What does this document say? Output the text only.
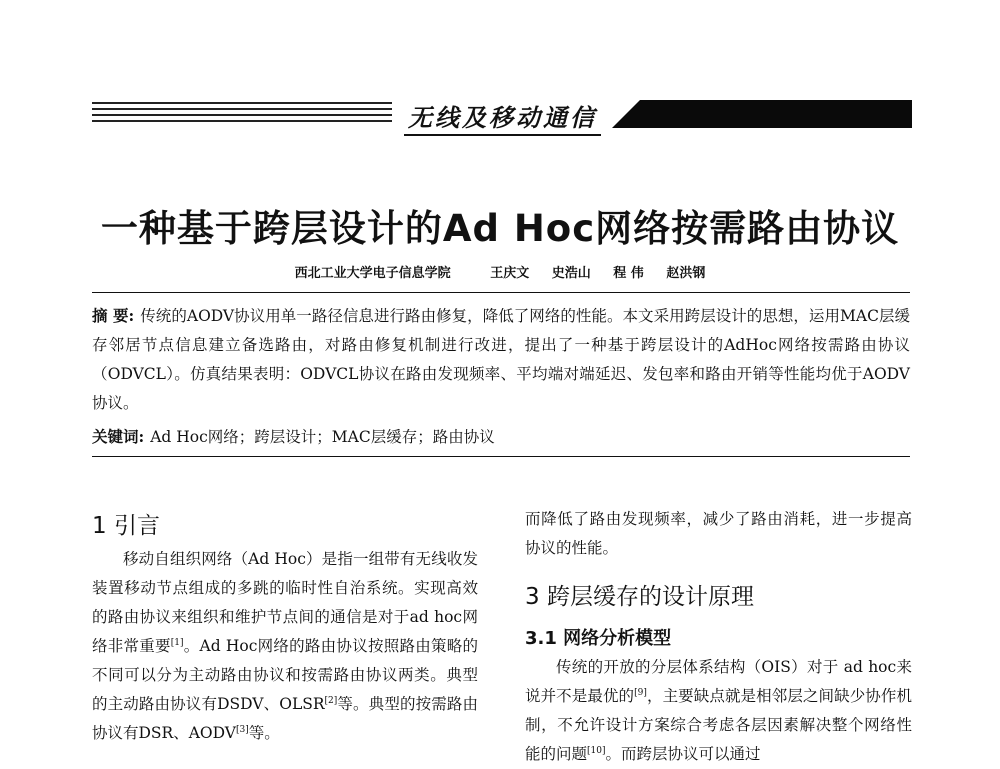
无线及移动通信
一种基于跨层设计的Ad Hoc网络按需路由协议
西北工业大学电子信息学院	王庆文 史浩山 程 伟 赵洪钢
摘 要: 传统的AODV协议用单一路径信息进行路由修复，降低了网络的性能。本文采用跨层设计的思想，运用MAC层缓存邻居节点信息建立备选路由，对路由修复机制进行改进，提出了一种基于跨层设计的AdHoc网络按需路由协议（ODVCL）。仿真结果表明：ODVCL协议在路由发现频率、平均端对端延迟、发包率和路由开销等性能均优于AODV协议。
关键词: Ad Hoc网络；跨层设计；MAC层缓存；路由协议
1 引言
移动自组织网络（Ad Hoc）是指一组带有无线收发装置移动节点组成的多跳的临时性自治系统。实现高效的路由协议来组织和维护节点间的通信是对于ad hoc网络非常重要[1]。Ad Hoc网络的路由协议按照路由策略的不同可以分为主动路由协议和按需路由协议两类。典型的主动路由协议有DSDV、OLSR[2]等。典型的按需路由协议有DSR、AODV[3]等。
而降低了路由发现频率，减少了路由消耗，进一步提高协议的性能。
3 跨层缓存的设计原理
3.1 网络分析模型
传统的开放的分层体系结构（OIS）对于 ad hoc来说并不是最优的[9]，主要缺点就是相邻层之间缺少协作机制，不允许设计方案综合考虑各层因素解决整个网络性能的问题[10]。而跨层协议可以通过
